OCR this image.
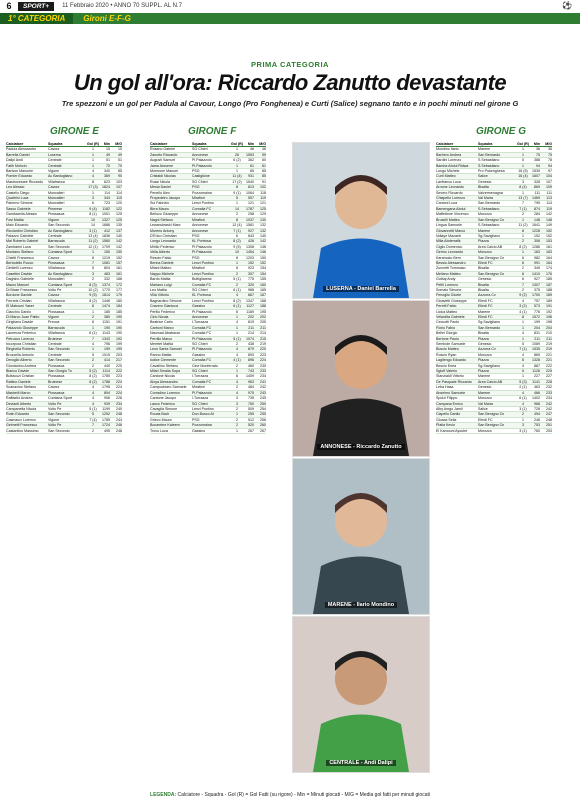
6	SPORT+	11 Febbraio 2020 • ANNO 70 SUPPL. AL N.7	⚽
1° CATEGORIA	Gironi E-F-G
PRIMA CATEGORIA
Un gol all'ora: Riccardo Zanutto devastante
Tre spezzoni e un gol per Padula al Cavour, Longo (Pro Fonghenea) e Curti (Salice) segnano tanto e in pochi minuti nel girone G
GIRONE E	GIRONE F	GIRONE G
Calciatore	Squadra	Gol (R)	Min	M/G
Padula Alessandro	Cavour	1	15	15
Barrella Daniel	Lusema	1	49	49
Dalipi Andi	Centrale	1	51	51
Fatih Mohcin	Centrale	1	70	70
Barison Manuele	Vigone	4	340	85
Pomier Eduardo	Ac Bardugliano	4	369	90
Mastrocesare Riccardo	Villafranca	8	623	103
Leo Alessio	Cavour	17 (3)	1824	107
Castello Diego	Moncalieri	1	114	114
Quattrini Luca	Moncalieri	3	344	115
Palermo Simone	Moncalieri	6	723	120
Sasso Gabriele	Pinerese	9 (4)	1182	122
Gambarella Alessio	Piossasca	8 (1)	1001	125
Fosi Mattia	Vigone	10	1327	125
Maio Edoardo	San Secondo	14	1886	135
Ricciardini Christian	Ac Bardugliano	3 (1)	412	137
Palazzo Gabriele	Centrale	13 (4)	1836	140
Mai Roberto Gabriel	Barracuda	11 (2)	1560	142
Zambarini Luca	San Secondo	12 (1)	1709	142
Montano Stefano	Cumiana Sport	1	150	150
Chietti Francesco	Cavour	8	1219	152
Bertodello Rocco	Piossasca	7	1081	157
Cimitelli Lorenzo	Villafranca	5	804	161
Casettini Davide	Ac Bardugliano	3	483	161
Daghino Gabriele	Moncalieri	2	332	166
Mauro Manuel	Cumiana Sport	8 (3)	1374	172
Di Biase Francesco	Volto Pe	10 (2)	1770	177
Bordone Davide	Cavour	9 (5)	1614	179
Ferraris Cristian	Villafranca	8 (2)	1446	180
El Mahouni Yaser	Centrale	8	1474	184
Ciacchio Danilo	Piossasca	1	185	185
Di Marco Juan Pablo	Vigone	2	380	190
Cirigliano Davide	Preoca	6	1151	191
Palazzolo Giuseppe	Barracuda	1	190	190
Laurenza Federico	Villafranca	6 (1)	1143	190
Petrucco Lorenzo	Bruinese	7	1343	192
Incorpora Christian	Centrale	4	796	199
Ringhella Roberto	San Secondo	1	199	199
Brozzella Antonio	Centrale	5	1015	203
Deroglio Alberto	San Secondo	2	414	217
Giordanino Andrea	Piossasca	2	440	220
Bianco Davide	San Giorgio To	5 (2)	1114	222
Buttacuzi Cristian	Piossasca	8 (2)	1785	223
Rattino Daniele	Bruinese	8 (2)	1788	224
Scanavino Stefano	Cavour	4	1795	224
Mastrelli Marco	Piossasca	4	894	224
Raffaello Andrea	Cumiana Sport	4	906	226
Devianti Alberto	Volto Pe	4	939	234
Campanella Nicola	Volto Pe	5 (1)	1199	240
Rotin Edoardo	San Secondo	5	1252	248
Casmacci Lorenzo	Vigone	7 (4)	1785	244
Gelmetti Francesco	Volto Pe	7	1724	246
Castantino Massimo	San Secondo	2	495	248
Calciatore	Squadra	Gol (R)	Min	M/G
Rosano Gabriel	SG Chieri	1	46	46
Zanutto Riccardo	Annonese	26	1553	59
Augusti Samuel	Pi.Palazzolo	6 (2)	362	60
Jama Arosene	Pi.Palazzolo	1	61	61
Mormone Manuel	PSG	1	85	85
Cristaldi Nicolas	Castiglione	11 (4)	931	85
Rossi Nicola	SG Chieri	17 (2)	1540	91
Mesia Daniel	PSG	8	813	102
Penello Alex	Pozzomaina	9 (1)	1064	118
Propedeiro Jacopo	Mirafiori	5	597	119
Sul Fabrizio	Lenzi Pontino	1	121	121
Birra Mauro	Cornalia FC	14	1787	125
Belluco Giuseppe	Annonese	2	258	129
Nagni Stefano	Mirafiori	8	1037	130
Lewandowski Marc	Annonese	12 (4)	1581	132
Moreno Antony	Annonese	7 (1)	927	132
D'Erico Christian	PSG	6	843	140
Longo Leonardo	KL Portrusa	8 (2)	426	142
Mirillo Federico	Pi.Palazzolo	9 (5)	1308	146
Vella Alberto	Pi.Palazzolo	10	1454	146
Resoto Fabio	PSG	8	1203	150
Berina Daniele	Lenzi Pontino	1	152	152
Milani Matteo	Mirafiori	6	923	154
Nappo Michele	Lenzi Pontino	2	307	154
Bardo Mattia	Buttigliarese	5 (1)	775	155
Mariano Luigi	Cornalia FC	2	320	160
Leo Mattia	SG Chieri	6 (1)	988	165
Villa Vittorio	KL Portrusa	4	667	167
Bagnardino Simone	Lenzi Pontino	8 (2)	1347	168
Cravero Gianluca	Gassino	6 (1)	1127	188
Perillo Federico	Pi.Palazzolo	6	1169	195
Cirio Nicola	Annonese	1	202	202
Beatrice Carlo	I.Turrazza	4	819	205
Carboni Marco	Cornalia FC	1	211	211
Naornad Ababacar	Cornalia FC	1	214	214
Perrillo Marco	Pi.Palazzolo	5 (1)	1074	215
Meretet Mattia	SG Chieri	2	438	219
Leon Santa Samuel	Pi.Palazzolo	4	879	220
Ranno Mattia	Gassino	4	893	223
Iudice Clemente	Cornalia FC	4 (1)	896	224
Cavallino Stefano	Cine Monferrato	2	460	230
Milari Smalia Sopa	SG Chieri	1	743	233
Cantone Nicola	I.Turrazza	6	1409	234
Aloya Alessandro	Cornalia FC	4	963	241
Campochiaro Samuele	Mirafiori	2	484	242
Corradino Lorenzo	Pi.Palazzolo	4	975	243
Cantone Jacopo	I.Turrazza	3	735	245
Lanzo Federico	SG Chieri	3	750	250
Cavaglià Simone	Lenzi Pontino	2	509	254
Rouas Badr	Don Bosco At	1	255	255
Grieco Mauro	PSG	2	512	256
Bocambre Kaleem	Pozzomaina	2	520	260
Trovo Luca	Gassino	1	267	267
Calciatore	Squadra	Gol (R)	Min	M/G
Mondino Ilario	Marene	1	36	36
Barbero Andrea	San Bernardo	1	75	75
Sardini Lorenzo	S.Sebastiano	5	388	78
Bamba Abdul Ridwa	S.Sebastiano	1	94	94
Longo Michele	Pro Pokenghesa	16 (5)	1539	97
Curti Matteo	Salice	16 (4)	1607	104
Lanfranco Luca	Genesio	3	328	107
Arnone Leonardo	Bisalta	8 (4)	869	109
Severo Riccardo	Valvermenagna	1	111	111
Chiapello Lorenzo	Val Maira	13 (7)	1469	113
Cantoni Luca	San Bernardo	7	795	114
Bamengana Abdul	S.Sebastiano	7 (1)	874	119
Maffettone Vincenzo	Morozzo	2	284	142
Bruselli Matteo	San Benigno Cn	1	148	148
Lingua Samuele	S.Sebastiano	11 (2)	1641	149
Giovannetti Marco	Marene	8	1228	152
Ndiaye Mazaeb	Sg.Savigliano	1	152	152
Milia Abderrafik	Piazza	2	306	153
Giglio Domenico	Area Calcio AB	8 (2)	1286	161
Gerino Leonardo	Morozzo	1	163	163
Karamoko Bern	San Benigno Cn	6	982	164
Bessio Alessandro	Elledi FC	6	991	164
Zunnetti Tommaso	Bisalta	2	349	174
Mellano Matteo	San Benigno Cn	8	1410	176
Gulbaj Andy	Genesio	6	927	185
Petiti Lorenzo	Bisalta	7	1307	187
Somalo Simone	Bisalta	2	375	188
Fenoglio Gioele	Azzurra Cv	9 (2)	1700	189
Gioavetti Giuseppe	Elledi FC	4	757	189
Peretti Fabio	Elledi FC	3 (2)	573	191
Licica Matteo	Marene	4 (1)	776	192
Velardita Gabriele	Elledi FC	8	1572	196
Ceccotti Paolo	Sg.Savigliano	1	199	198
Florio Fabio	San Bernardo	1	204	204
Bellei Giorgio	Bisalta	4	831	210
Bertone Paolo	Piazza	1	211	211
Sembole Samuele	Genesio	5	1089	219
Boscio Matteo	Azzurra Cv	7 (1)	1535	219
Roscio Ryan	Morozzo	4	865	221
Lagliengo Edoardo	Piazza	6	1328	221
Bescio Enea	Sg.Savigliano	4	887	222
Sgluff Valerio	Piazza	5	1126	225
Stanzialdi Vittorio	Marene	1	227	227
De Pasquale Riccardo	Area Calcio AB	5 (3)	1141	228
Leba Hasa	Genesio	2 (1)	463	232
Anselmo Samuele	Marene	4	466	233
Spolzi Filippo	Morozzo	6 (1)	1402	234
Campana Enrico	Val Maira	4	968	242
Alby Amgo Jamil	Salice	3 (1)	728	242
Ciapello Danilo	San Benigno Cn	2	494	247
Gioaca Selia	Elledi FC	1	248	248
Platia Kevin	San Benigno Cn	3	753	251
El Kamouni Ayoube	Morozzo	3 (1)	760	253
LUSERNA - Daniel Barrella
ANNONESE - Riccardo Zanutto
MARENE - Ilario Mondino
CENTRALE - Andi Dalipi
LEGENDA: Calciatore - Squadra - Gol (R) = Gol Fatti (su rigore) - Min = Minuti giocati - M/G = Media gol fatti per minuti giocati
